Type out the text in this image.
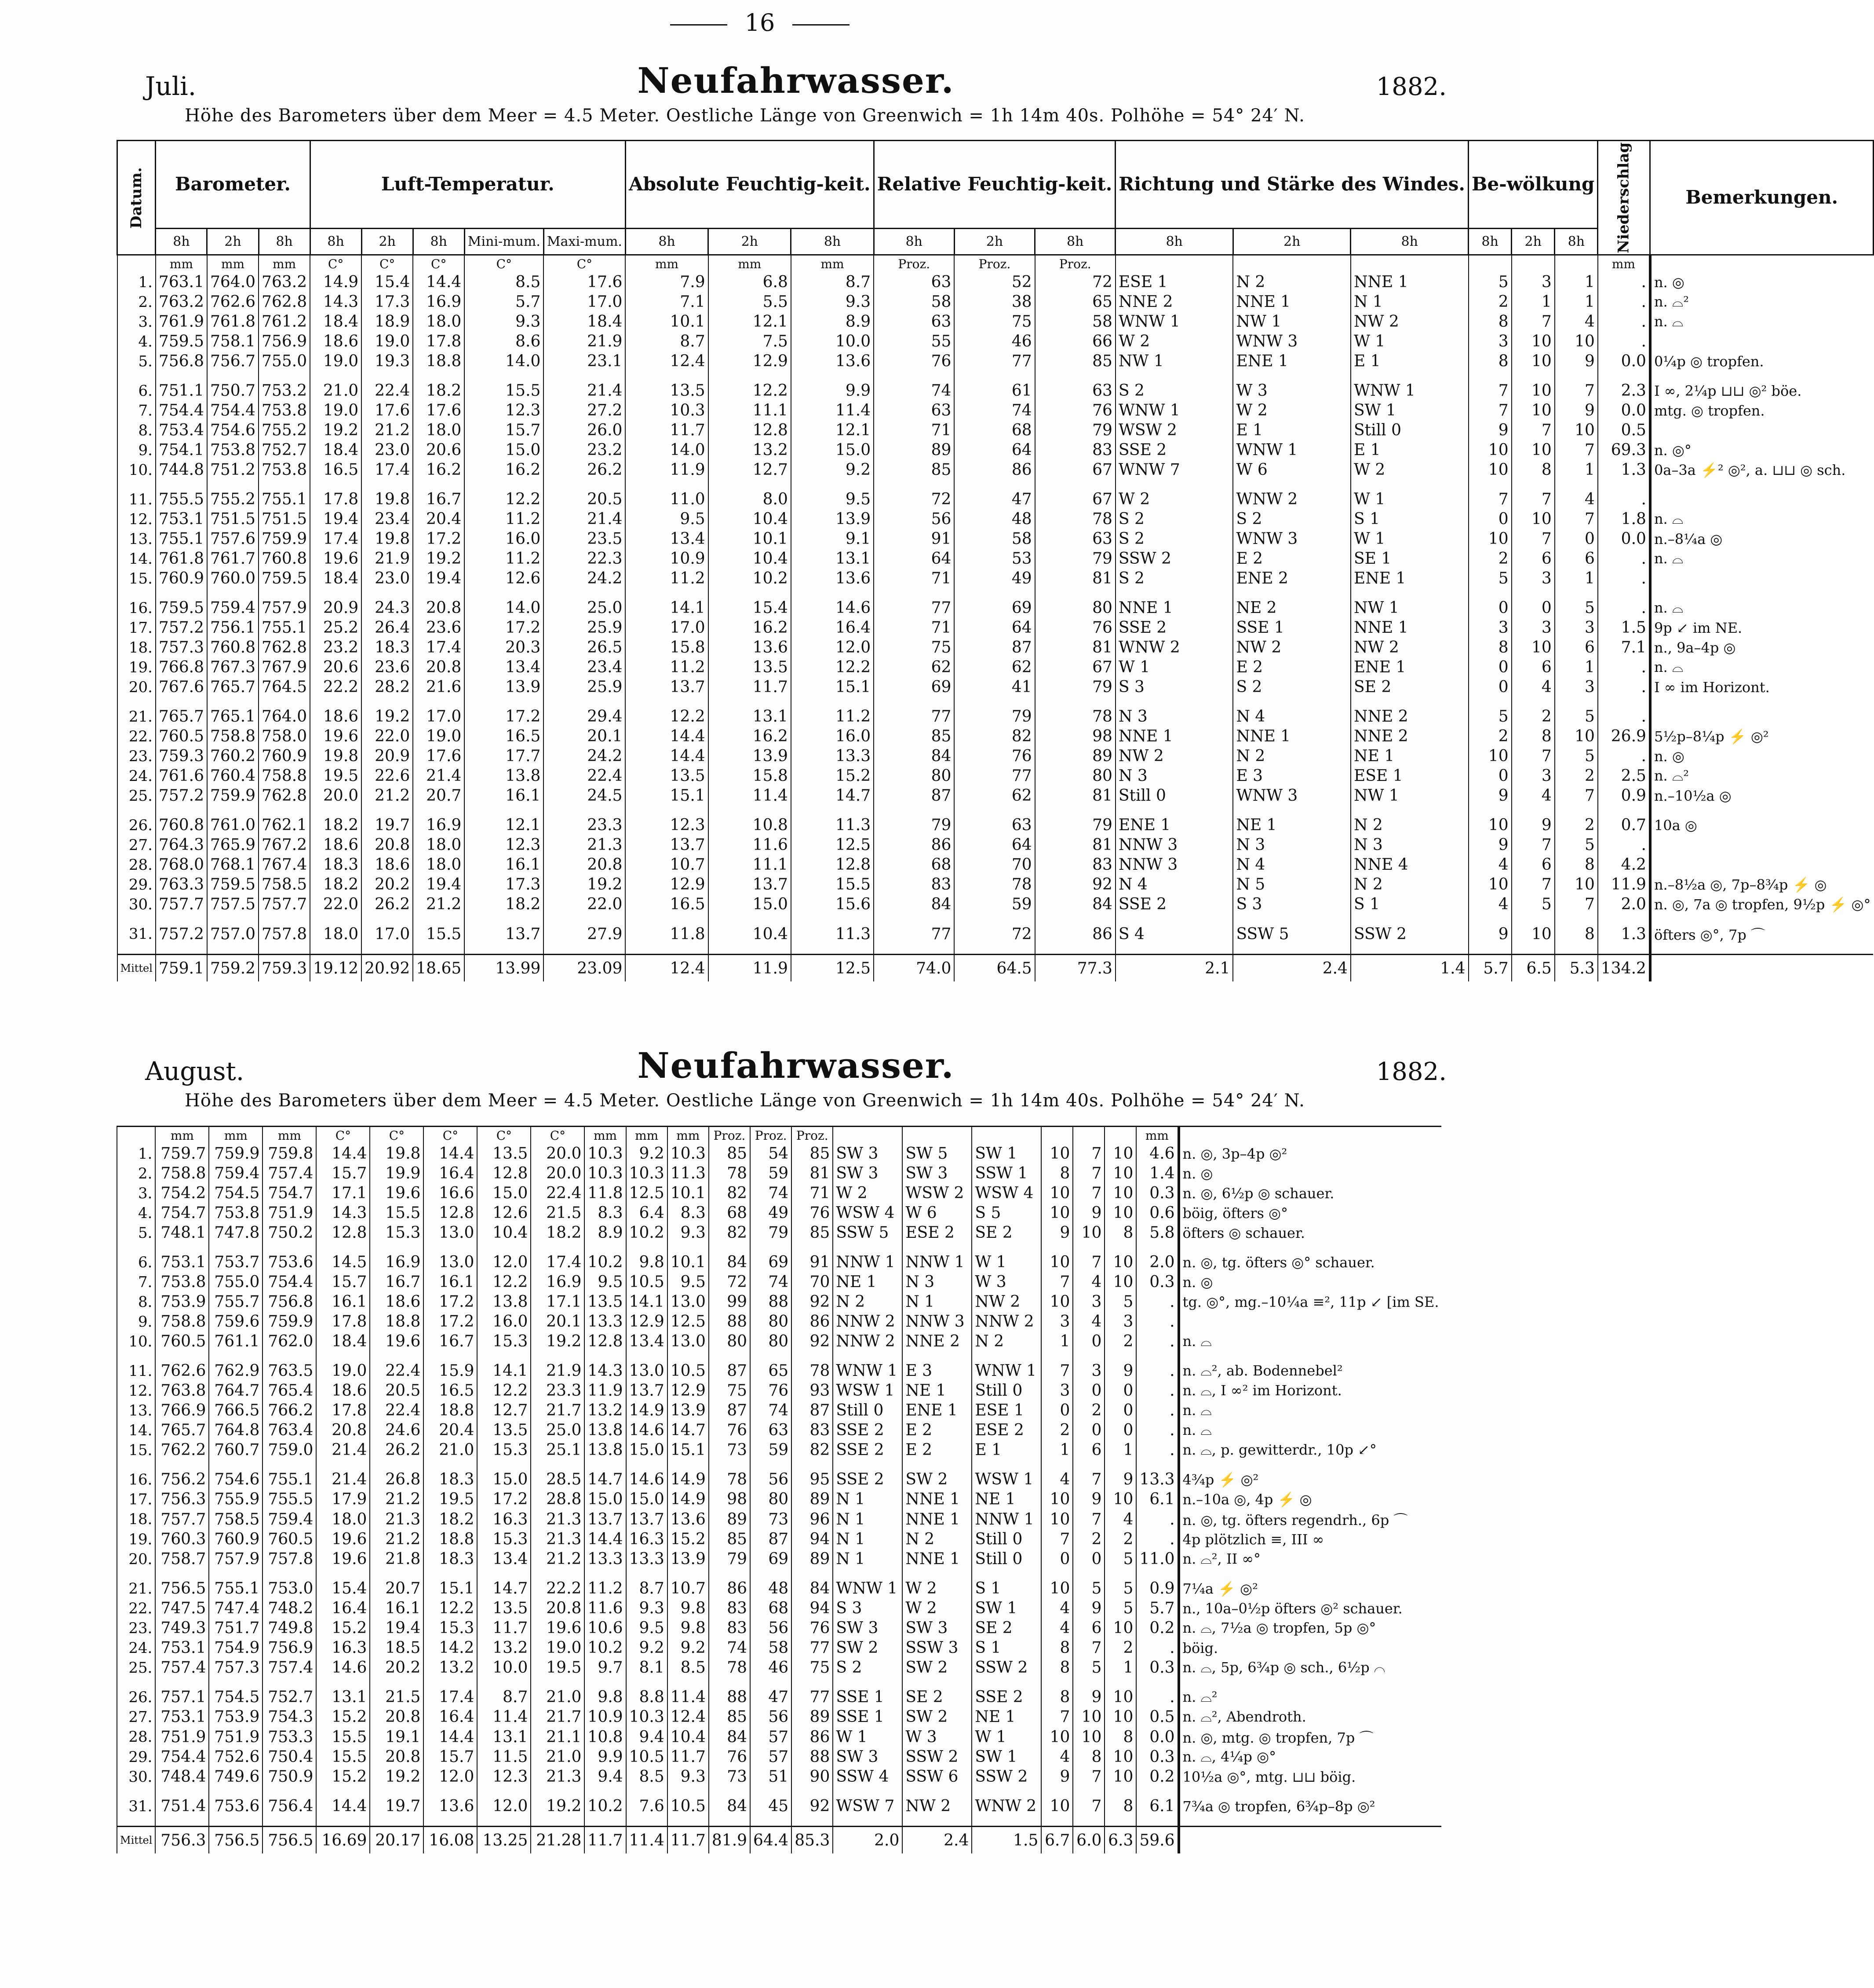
16
Juli.	Neufahrwasser.	1882.
Höhe des Barometers über dem Meer = 4.5 Meter. Oestliche Länge von Greenwich = 1h 14m 40s. Polhöhe = 54° 24′ N.
Datum.	Barometer.			Luft-Temperatur.					Absolute Feuchtig-keit.			Relative Feuchtig-keit.			Richtung und Stärke des Windes.			Be-wölkung			Niederschlag	Bemerkungen.
	8h	2h	8h	8h	2h	8h	Mini-mum.	Maxi-mum.	8h	2h	8h	8h	2h	8h	8h	2h	8h	8h	2h	8h		
	mm	mm	mm	C°	C°	C°	C°	C°	mm	mm	mm	Proz.	Proz.	Proz.							mm	
1.	763.1	764.0	763.2	14.9	15.4	14.4	8.5	17.6	7.9	6.8	8.7	63	52	72	ESE 1	N 2	NNE 1	5	3	1	.	n. ◎
2.	763.2	762.6	762.8	14.3	17.3	16.9	5.7	17.0	7.1	5.5	9.3	58	38	65	NNE 2	NNE 1	N 1	2	1	1	.	n. ⌓²
3.	761.9	761.8	761.2	18.4	18.9	18.0	9.3	18.4	10.1	12.1	8.9	63	75	58	WNW 1	NW 1	NW 2	8	7	4	.	n. ⌓
4.	759.5	758.1	756.9	18.6	19.0	17.8	8.6	21.9	8.7	7.5	10.0	55	46	66	W 2	WNW 3	W 1	3	10	10	.	
5.	756.8	756.7	755.0	19.0	19.3	18.8	14.0	23.1	12.4	12.9	13.6	76	77	85	NW 1	ENE 1	E 1	8	10	9	0.0	0¼p ◎ tropfen.

6.	751.1	750.7	753.2	21.0	22.4	18.2	15.5	21.4	13.5	12.2	9.9	74	61	63	S 2	W 3	WNW 1	7	10	7	2.3	I ∞, 2¼p ⊔⊔ ◎² böe.
7.	754.4	754.4	753.8	19.0	17.6	17.6	12.3	27.2	10.3	11.1	11.4	63	74	76	WNW 1	W 2	SW 1	7	10	9	0.0	mtg. ◎ tropfen.
8.	753.4	754.6	755.2	19.2	21.2	18.0	15.7	26.0	11.7	12.8	12.1	71	68	79	WSW 2	E 1	Still 0	9	7	10	0.5	
9.	754.1	753.8	752.7	18.4	23.0	20.6	15.0	23.2	14.0	13.2	15.0	89	64	83	SSE 2	WNW 1	E 1	10	10	7	69.3	n. ◎°
10.	744.8	751.2	753.8	16.5	17.4	16.2	16.2	26.2	11.9	12.7	9.2	85	86	67	WNW 7	W 6	W 2	10	8	1	1.3	0a–3a ⚡² ◎², a. ⊔⊔ ◎ sch.

11.	755.5	755.2	755.1	17.8	19.8	16.7	12.2	20.5	11.0	8.0	9.5	72	47	67	W 2	WNW 2	W 1	7	7	4	.	
12.	753.1	751.5	751.5	19.4	23.4	20.4	11.2	21.4	9.5	10.4	13.9	56	48	78	S 2	S 2	S 1	0	10	7	1.8	n. ⌓
13.	755.1	757.6	759.9	17.4	19.8	17.2	16.0	23.5	13.4	10.1	9.1	91	58	63	S 2	WNW 3	W 1	10	7	0	0.0	n.–8¼a ◎
14.	761.8	761.7	760.8	19.6	21.9	19.2	11.2	22.3	10.9	10.4	13.1	64	53	79	SSW 2	E 2	SE 1	2	6	6	.	n. ⌓
15.	760.9	760.0	759.5	18.4	23.0	19.4	12.6	24.2	11.2	10.2	13.6	71	49	81	S 2	ENE 2	ENE 1	5	3	1	.	

16.	759.5	759.4	757.9	20.9	24.3	20.8	14.0	25.0	14.1	15.4	14.6	77	69	80	NNE 1	NE 2	NW 1	0	0	5	.	n. ⌓
17.	757.2	756.1	755.1	25.2	26.4	23.6	17.2	25.9	17.0	16.2	16.4	71	64	76	SSE 2	SSE 1	NNE 1	3	3	3	1.5	9p ↙ im NE.
18.	757.3	760.8	762.8	23.2	18.3	17.4	20.3	26.5	15.8	13.6	12.0	75	87	81	WNW 2	NW 2	NW 2	8	10	6	7.1	n., 9a–4p ◎
19.	766.8	767.3	767.9	20.6	23.6	20.8	13.4	23.4	11.2	13.5	12.2	62	62	67	W 1	E 2	ENE 1	0	6	1	.	n. ⌓
20.	767.6	765.7	764.5	22.2	28.2	21.6	13.9	25.9	13.7	11.7	15.1	69	41	79	S 3	S 2	SE 2	0	4	3	.	I ∞ im Horizont.

21.	765.7	765.1	764.0	18.6	19.2	17.0	17.2	29.4	12.2	13.1	11.2	77	79	78	N 3	N 4	NNE 2	5	2	5	.	
22.	760.5	758.8	758.0	19.6	22.0	19.0	16.5	20.1	14.4	16.2	16.0	85	82	98	NNE 1	NNE 1	NNE 2	2	8	10	26.9	5½p–8¼p ⚡ ◎²
23.	759.3	760.2	760.9	19.8	20.9	17.6	17.7	24.2	14.4	13.9	13.3	84	76	89	NW 2	N 2	NE 1	10	7	5	.	n. ◎
24.	761.6	760.4	758.8	19.5	22.6	21.4	13.8	22.4	13.5	15.8	15.2	80	77	80	N 3	E 3	ESE 1	0	3	2	2.5	n. ⌓²
25.	757.2	759.9	762.8	20.0	21.2	20.7	16.1	24.5	15.1	11.4	14.7	87	62	81	Still 0	WNW 3	NW 1	9	4	7	0.9	n.–10½a ◎

26.	760.8	761.0	762.1	18.2	19.7	16.9	12.1	23.3	12.3	10.8	11.3	79	63	79	ENE 1	NE 1	N 2	10	9	2	0.7	10a ◎
27.	764.3	765.9	767.2	18.6	20.8	18.0	12.3	21.3	13.7	11.6	12.5	86	64	81	NNW 3	N 3	N 3	9	7	5	.	
28.	768.0	768.1	767.4	18.3	18.6	18.0	16.1	20.8	10.7	11.1	12.8	68	70	83	NNW 3	N 4	NNE 4	4	6	8	4.2	
29.	763.3	759.5	758.5	18.2	20.2	19.4	17.3	19.2	12.9	13.7	15.5	83	78	92	N 4	N 5	N 2	10	7	10	11.9	n.–8½a ◎, 7p–8¾p ⚡ ◎
30.	757.7	757.5	757.7	22.0	26.2	21.2	18.2	22.0	16.5	15.0	15.6	84	59	84	SSE 2	S 3	S 1	4	5	7	2.0	n. ◎, 7a ◎ tropfen, 9½p ⚡ ◎°

31.	757.2	757.0	757.8	18.0	17.0	15.5	13.7	27.9	11.8	10.4	11.3	77	72	86	S 4	SSW 5	SSW 2	9	10	8	1.3	öfters ◎°, 7p ⌒

Mittel	759.1	759.2	759.3	19.12	20.92	18.65	13.99	23.09	12.4	11.9	12.5	74.0	64.5	77.3	2.1	2.4	1.4	5.7	6.5	5.3	134.2	
August.	Neufahrwasser.	1882.
Höhe des Barometers über dem Meer = 4.5 Meter. Oestliche Länge von Greenwich = 1h 14m 40s. Polhöhe = 54° 24′ N.
	mm	mm	mm	C°	C°	C°	C°	C°	mm	mm	mm	Proz.	Proz.	Proz.							mm	
1.	759.7	759.9	759.8	14.4	19.8	14.4	13.5	20.0	10.3	9.2	10.3	85	54	85	SW 3	SW 5	SW 1	10	7	10	4.6	n. ◎, 3p–4p ◎²
2.	758.8	759.4	757.4	15.7	19.9	16.4	12.8	20.0	10.3	10.3	11.3	78	59	81	SW 3	SW 3	SSW 1	8	7	10	1.4	n. ◎
3.	754.2	754.5	754.7	17.1	19.6	16.6	15.0	22.4	11.8	12.5	10.1	82	74	71	W 2	WSW 2	WSW 4	10	7	10	0.3	n. ◎, 6½p ◎ schauer.
4.	754.7	753.8	751.9	14.3	15.5	12.8	12.6	21.5	8.3	6.4	8.3	68	49	76	WSW 4	W 6	S 5	10	9	10	0.6	böig, öfters ◎°
5.	748.1	747.8	750.2	12.8	15.3	13.0	10.4	18.2	8.9	10.2	9.3	82	79	85	SSW 5	ESE 2	SE 2	9	10	8	5.8	öfters ◎ schauer.

6.	753.1	753.7	753.6	14.5	16.9	13.0	12.0	17.4	10.2	9.8	10.1	84	69	91	NNW 1	NNW 1	W 1	10	7	10	2.0	n. ◎, tg. öfters ◎° schauer.
7.	753.8	755.0	754.4	15.7	16.7	16.1	12.2	16.9	9.5	10.5	9.5	72	74	70	NE 1	N 3	W 3	7	4	10	0.3	n. ◎
8.	753.9	755.7	756.8	16.1	18.6	17.2	13.8	17.1	13.5	14.1	13.0	99	88	92	N 2	N 1	NW 2	10	3	5	.	tg. ◎°, mg.–10¼a ≡², 11p ↙ [im SE.
9.	758.8	759.6	759.9	17.8	18.8	17.2	16.0	20.1	13.3	12.9	12.5	88	80	86	NNW 2	NNW 3	NNW 2	3	4	3	.	
10.	760.5	761.1	762.0	18.4	19.6	16.7	15.3	19.2	12.8	13.4	13.0	80	80	92	NNW 2	NNE 2	N 2	1	0	2	.	n. ⌓

11.	762.6	762.9	763.5	19.0	22.4	15.9	14.1	21.9	14.3	13.0	10.5	87	65	78	WNW 1	E 3	WNW 1	7	3	9	.	n. ⌓², ab. Bodennebel²
12.	763.8	764.7	765.4	18.6	20.5	16.5	12.2	23.3	11.9	13.7	12.9	75	76	93	WSW 1	NE 1	Still 0	3	0	0	.	n. ⌓, I ∞² im Horizont.
13.	766.9	766.5	766.2	17.8	22.4	18.8	12.7	21.7	13.2	14.9	13.9	87	74	87	Still 0	ENE 1	ESE 1	0	2	0	.	n. ⌓
14.	765.7	764.8	763.4	20.8	24.6	20.4	13.5	25.0	13.8	14.6	14.7	76	63	83	SSE 2	E 2	ESE 2	2	0	0	.	n. ⌓
15.	762.2	760.7	759.0	21.4	26.2	21.0	15.3	25.1	13.8	15.0	15.1	73	59	82	SSE 2	E 2	E 1	1	6	1	.	n. ⌓, p. gewitterdr., 10p ↙°

16.	756.2	754.6	755.1	21.4	26.8	18.3	15.0	28.5	14.7	14.6	14.9	78	56	95	SSE 2	SW 2	WSW 1	4	7	9	13.3	4¾p ⚡ ◎²
17.	756.3	755.9	755.5	17.9	21.2	19.5	17.2	28.8	15.0	15.0	14.9	98	80	89	N 1	NNE 1	NE 1	10	9	10	6.1	n.–10a ◎, 4p ⚡ ◎
18.	757.7	758.5	759.4	18.0	21.3	18.2	16.3	21.3	13.7	13.7	13.6	89	73	96	N 1	NNE 1	NNW 1	10	7	4	.	n. ◎, tg. öfters regendrh., 6p ⌒
19.	760.3	760.9	760.5	19.6	21.2	18.8	15.3	21.3	14.4	16.3	15.2	85	87	94	N 1	N 2	Still 0	7	2	2	.	4p plötzlich ≡, III ∞
20.	758.7	757.9	757.8	19.6	21.8	18.3	13.4	21.2	13.3	13.3	13.9	79	69	89	N 1	NNE 1	Still 0	0	0	5	11.0	n. ⌓², II ∞°

21.	756.5	755.1	753.0	15.4	20.7	15.1	14.7	22.2	11.2	8.7	10.7	86	48	84	WNW 1	W 2	S 1	10	5	5	0.9	7¼a ⚡ ◎²
22.	747.5	747.4	748.2	16.4	16.1	12.2	13.5	20.8	11.6	9.3	9.8	83	68	94	S 3	W 2	SW 1	4	9	5	5.7	n., 10a–0½p öfters ◎² schauer.
23.	749.3	751.7	749.8	15.2	19.4	15.3	11.7	19.6	10.6	9.5	9.8	83	56	76	SW 3	SW 3	SE 2	4	6	10	0.2	n. ⌓, 7½a ◎ tropfen, 5p ◎°
24.	753.1	754.9	756.9	16.3	18.5	14.2	13.2	19.0	10.2	9.2	9.2	74	58	77	SW 2	SSW 3	S 1	8	7	2	.	böig.
25.	757.4	757.3	757.4	14.6	20.2	13.2	10.0	19.5	9.7	8.1	8.5	78	46	75	S 2	SW 2	SSW 2	8	5	1	0.3	n. ⌓, 5p, 6¾p ◎ sch., 6½p ⌒

26.	757.1	754.5	752.7	13.1	21.5	17.4	8.7	21.0	9.8	8.8	11.4	88	47	77	SSE 1	SE 2	SSE 2	8	9	10	.	n. ⌓²
27.	753.1	753.9	754.3	15.2	20.8	16.4	11.4	21.7	10.9	10.3	12.4	85	56	89	SSE 1	SW 2	NE 1	7	10	10	0.5	n. ⌓², Abendroth.
28.	751.9	751.9	753.3	15.5	19.1	14.4	13.1	21.1	10.8	9.4	10.4	84	57	86	W 1	W 3	W 1	10	10	8	0.0	n. ◎, mtg. ◎ tropfen, 7p ⌒
29.	754.4	752.6	750.4	15.5	20.8	15.7	11.5	21.0	9.9	10.5	11.7	76	57	88	SW 3	SSW 2	SW 1	4	8	10	0.3	n. ⌓, 4¼p ◎°
30.	748.4	749.6	750.9	15.2	19.2	12.0	12.3	21.3	9.4	8.5	9.3	73	51	90	SSW 4	SSW 6	SSW 2	9	7	10	0.2	10½a ◎°, mtg. ⊔⊔ böig.

31.	751.4	753.6	756.4	14.4	19.7	13.6	12.0	19.2	10.2	7.6	10.5	84	45	92	WSW 7	NW 2	WNW 2	10	7	8	6.1	7¾a ◎ tropfen, 6¾p–8p ◎²

Mittel	756.3	756.5	756.5	16.69	20.17	16.08	13.25	21.28	11.7	11.4	11.7	81.9	64.4	85.3	2.0	2.4	1.5	6.7	6.0	6.3	59.6	
